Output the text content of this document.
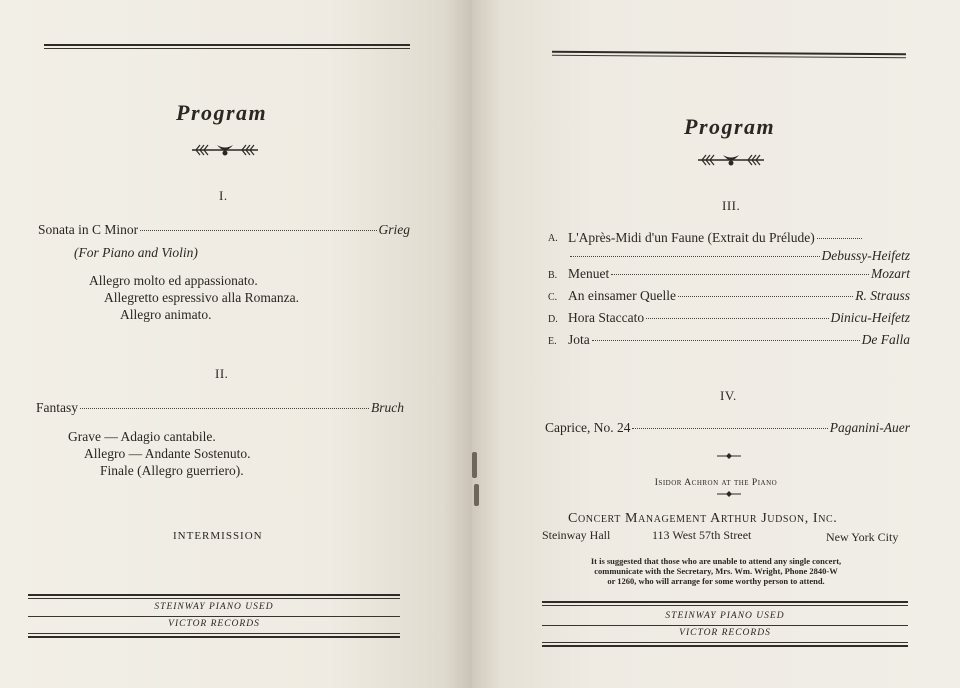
Program
I.
Sonata in C Minor	Grieg
(For Piano and Violin)
Allegro molto ed appassionato.
Allegretto espressivo alla Romanza.
Allegro animato.
II.
Fantasy	Bruch
Grave — Adagio cantabile.
Allegro — Andante Sostenuto.
Finale (Allegro guerriero).
INTERMISSION
STEINWAY PIANO USED
VICTOR RECORDS
Program
III.
A. L'Après-Midi d'un Faune (Extrait du Prélude)
Debussy-Heifetz
B. Menuet	Mozart
C. An einsamer Quelle	R. Strauss
D. Hora Staccato	Dinicu-Heifetz
E. Jota	De Falla
IV.
Caprice, No. 24	Paganini-Auer
Isidor Achron at the Piano
Concert Management Arthur Judson, Inc.
Steinway Hall	113 West 57th Street	New York City
It is suggested that those who are unable to attend any single concert,
communicate with the Secretary, Mrs. Wm. Wright, Phone 2840-W
or 1260, who will arrange for some worthy person to attend.
STEINWAY PIANO USED
VICTOR RECORDS
